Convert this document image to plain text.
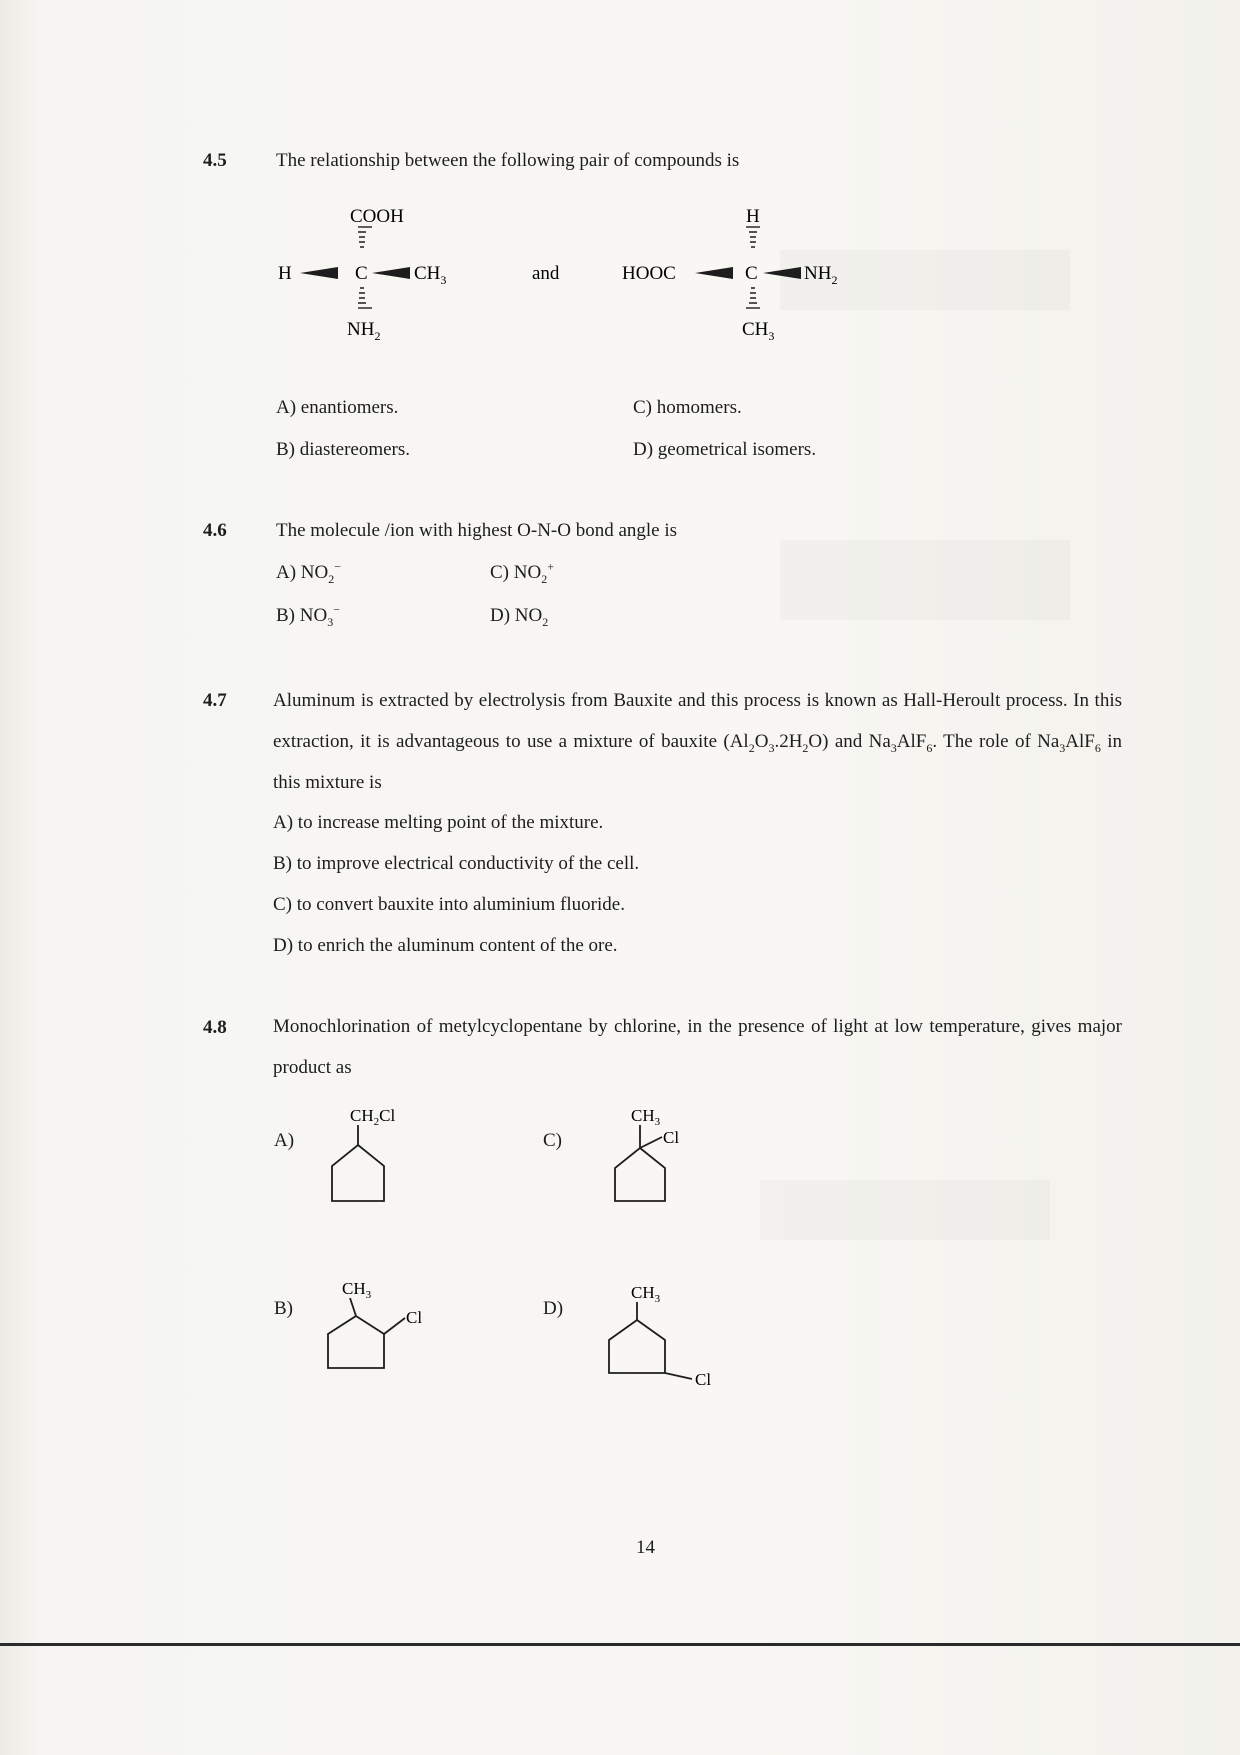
4.5	The relationship between the following pair of compounds is
COOH
H	C $CH_3$
$NH_2$
and
H
HOOC	C $NH_2$
$CH_3$
A) enantiomers.	C) homomers.
B) diastereomers.	D) geometrical isomers.
4.6	The molecule /ion with highest O-N-O bond angle is
A) $NO_2^-$	C) $NO_2^+$
B) $NO_3^-$	D) $NO_2$
4.7 Aluminum is extracted by electrolysis from Bauxite and this process is known as Hall-Heroult process. In this extraction, it is advantageous to use a mixture of bauxite $(Al_2O_3.2H_2O)$ and $Na_3AlF_6$. The role of $Na_3AlF_6$ in this mixture is
A) to increase melting point of the mixture.
B) to improve electrical conductivity of the cell.
C) to convert bauxite into aluminium fluoride.
D) to enrich the aluminum content of the ore.
4.8 Monochlorination of metylcyclopentane by chlorine, in the presence of light at low temperature, gives major product as
A)
$CH_2Cl$
C)
$CH_3$
Cl
B)
$CH_3$
Cl	D)
$CH_3$
Cl
14
